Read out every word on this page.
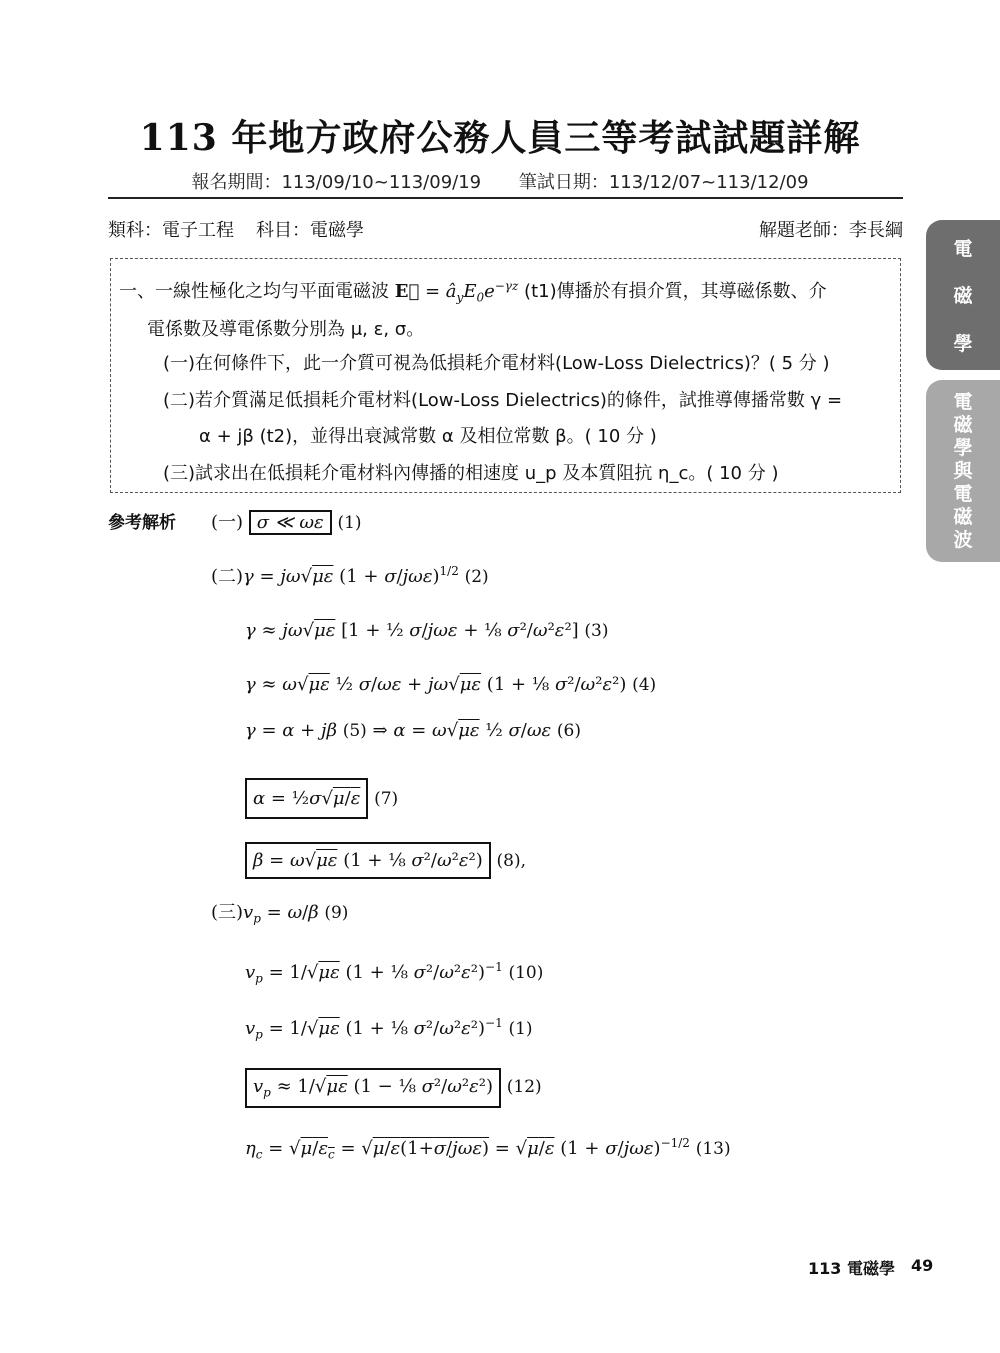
113 年地方政府公務人員三等考試試題詳解
報名期間：113/09/10~113/09/19 筆試日期：113/12/07~113/12/09
類科：電子工程 科目：電磁學	解題老師：李長綱
電
磁
學
電
磁
學
與
電
磁
波
一、一線性極化之均勻平面電磁波 E⃗ = $â_yE_0e^{-\gamma z}$ (t1)傳播於有損介質，其導磁係數、介
電係數及導電係數分別為 μ, ε, σ。
(一)在何條件下，此一介質可視為低損耗介電材料(Low-Loss Dielectrics)？( 5 分 )
(二)若介質滿足低損耗介電材料(Low-Loss Dielectrics)的條件，試推導傳播常數 γ =
α + jβ (t2)，並得出衰減常數 α 及相位常數 β。( 10 分 )
(三)試求出在低損耗介電材料內傳播的相速度 u_p 及本質阻抗 η_c。( 10 分 )
參考解析 (一) σ ≪ ωε (1)
(二)γ = jω√με $(1 + \sigma/j\omega\varepsilon)^{1/2}$ (2)
γ ≈ jω√με [1 + ½ σ/jωε + ⅛ σ²/ω²ε²] (3)
γ ≈ ω√με ½ σ/ωε + jω√με (1 + ⅛ σ²/ω²ε²) (4)
γ = α + jβ (5) ⇒ α = ω√με ½ σ/ωε (6)
α = ½σ√μ/ε (7)
β = ω√με (1 + ⅛ σ²/ω²ε²) (8),
(三)$v_p = \omega/\beta$ (9)
$v_p = 1/√\mu\varepsilon$ (1 + ⅛ σ²/ω²ε²)$^{-1}$ (10)
$v_p = 1/√\mu\varepsilon$ (1 + ⅛ σ²/ω²ε²)$^{-1}$ (1)
$v_p \approx 1/√\mu\varepsilon$ (1 − ⅛ σ²/ω²ε²) (12)
$\eta_c = √\mu/\varepsilon_c = √\mu/\varepsilon(1+\sigma/j\omega\varepsilon) = √\mu/\varepsilon$ $(1 + \sigma/j\omega\varepsilon)^{-1/2}$ (13)
113 電磁學 49
